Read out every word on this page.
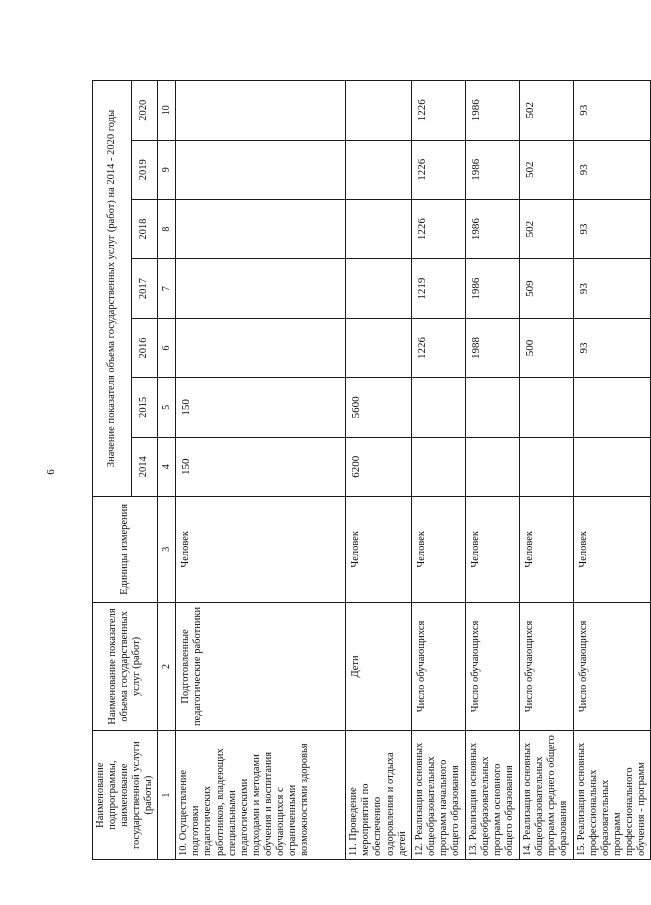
6
Наименование подпрограммы, наименование государственной услуги (работы)	Наименование показателя объема государственных услуг (работ)	Единицы измерения	Значение показателя объема государственных услуг (работ) на 2014 - 2020 годы						
			2014	2015	2016	2017	2018	2019	2020
1	2	3	4	5	6	7	8	9	10
10. Осуществление подготовки педагогических работников, владеющих специальными педагогическими подходами и методами обучения и воспитания обучающихся с ограниченными возможностями здоровья	Подготовленные педагогические работники	Человек	150	150					
11. Проведение мероприятий по обеспечению оздоровления и отдыха детей	Дети	Человек	6200	5600					
12. Реализация основных общеобразовательных программ начального общего образования	Число обучающихся	Человек			1226	1219	1226	1226	1226
13. Реализация основных общеобразовательных программ основного общего образования	Число обучающихся	Человек			1988	1986	1986	1986	1986
14. Реализация основных общеобразовательных программ среднего общего образования	Число обучающихся	Человек			500	509	502	502	502
15. Реализация основных профессиональных образовательных программ профессионального обучения - программ	Число обучающихся	Человек			93	93	93	93	93
